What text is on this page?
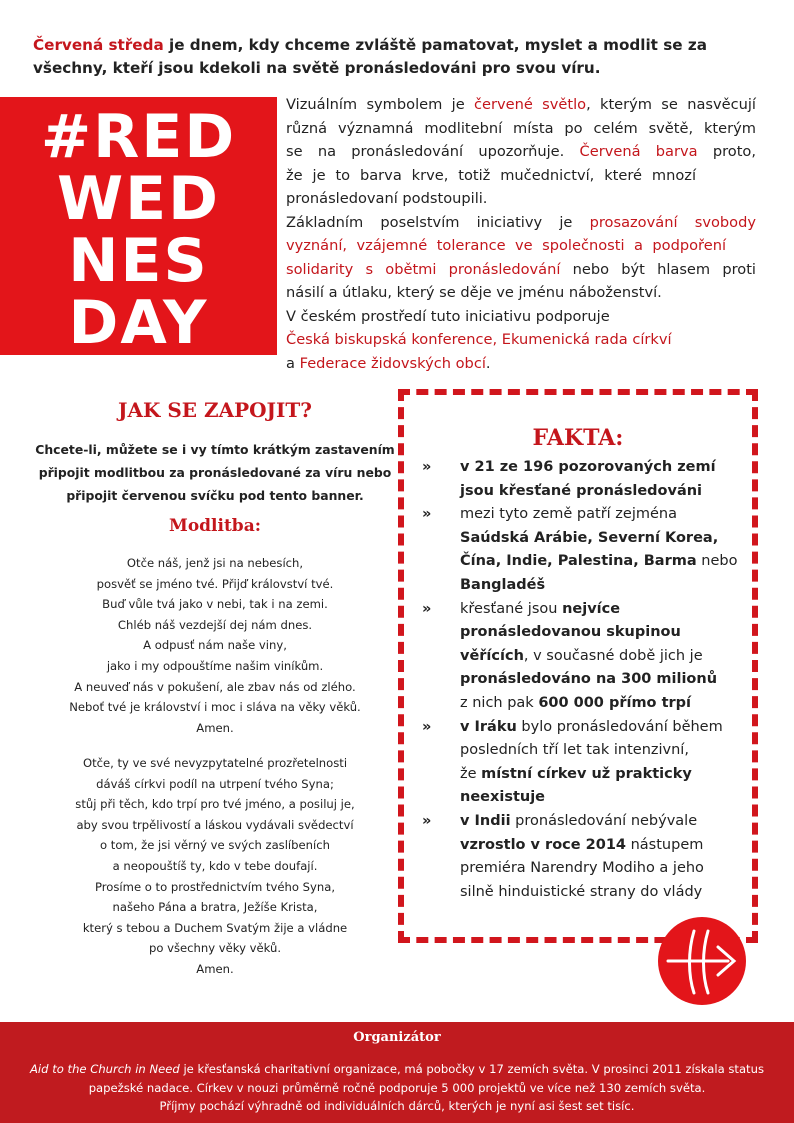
Červená středa je dnem, kdy chceme zvláště pamatovat, myslet a modlit se za všechny, kteří jsou kdekoli na světě pronásledováni pro svou víru.
#RED
WED
NES
DAY

Vizuálním symbolem je červené světlo, kterým se nasvěcují

různá významná modlitební místa po celém světě, kterým

se na pronásledování upozorňuje. Červená barva proto,

že je to barva krve, totiž mučednictví, které mnozí

pronásledovaní podstoupili.

Základním poselstvím iniciativy je prosazování svobody

vyznání, vzájemné tolerance ve společnosti a podpoření

solidarity s obětmi pronásledování nebo být hlasem proti

násilí a útlaku, který se děje ve jménu náboženství.

V českém prostředí tuto iniciativu podporuje

Česká biskupská konference, Ekumenická rada církví

a Federace židovských obcí.

JAK SE ZAPOJIT?
Chcete-li, můžete se i vy tímto krátkým zastavením
připojit modlitbou za pronásledované za víru nebo
připojit červenou svíčku pod tento banner.
Modlitba:
Otče náš, jenž jsi na nebesích,
posvěť se jméno tvé. Přijď království tvé.
Buď vůle tvá jako v nebi, tak i na zemi.
Chléb náš vezdejší dej nám dnes.
A odpusť nám naše viny,
jako i my odpouštíme našim viníkům.
A neuveď nás v pokušení, ale zbav nás od zlého.
Neboť tvé je království i moc i sláva na věky věků.
Amen.
Otče, ty ve své nevyzpytatelné prozřetelnosti
dáváš církvi podíl na utrpení tvého Syna;
stůj při těch, kdo trpí pro tvé jméno, a posiluj je,
aby svou trpělivostí a láskou vydávali svědectví
o tom, že jsi věrný ve svých zaslíbeních
a neopouštíš ty, kdo v tebe doufají.
Prosíme o to prostřednictvím tvého Syna,
našeho Pána a bratra, Ježíše Krista,
který s tebou a Duchem Svatým žije a vládne
po všechny věky věků.
Amen.
FAKTA:
» v 21 ze 196 pozorovaných zemí
jsou křesťané pronásledováni
» mezi tyto země patří zejména
Saúdská Arábie, Severní Korea,
Čína, Indie, Palestina, Barma nebo
Bangladéš
» křesťané jsou nejvíce
pronásledovanou skupinou
věřících, v současné době jich je
pronásledováno na 300 milionů
z nich pak 600 000 přímo trpí
» v Iráku bylo pronásledování během
posledních tří let tak intenzivní,
že místní církev už prakticky
neexistuje
» v Indii pronásledování nebývale
vzrostlo v roce 2014 nástupem
premiéra Narendry Modiho a jeho
silně hinduistické strany do vlády
Organizátor
Aid to the Church in Need je křesťanská charitativní organizace, má pobočky v 17 zemích světa. V prosinci 2011 získala status
papežské nadace. Církev v nouzi průměrně ročně podporuje 5 000 projektů ve více než 130 zemích světa.
Příjmy pochází výhradně od individuálních dárců, kterých je nyní asi šest set tisíc.
